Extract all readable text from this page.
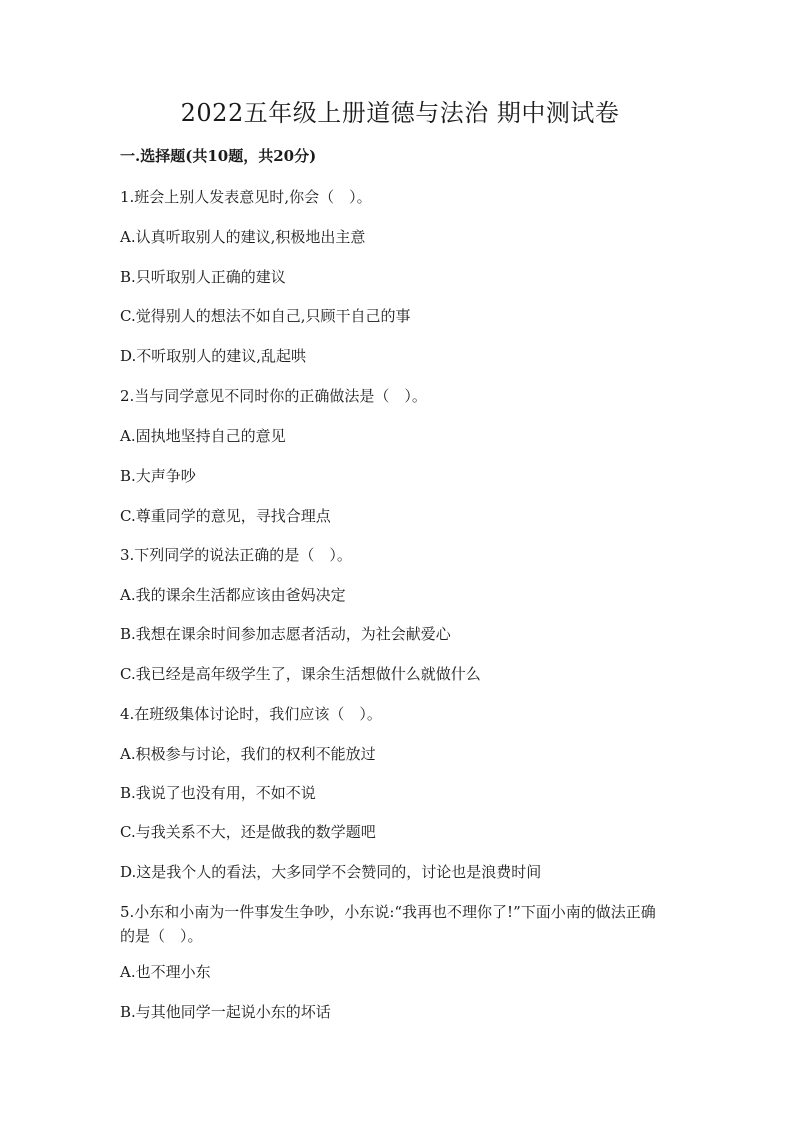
2022五年级上册道德与法治 期中测试卷
一.选择题(共10题，共20分)
1.班会上别人发表意见时,你会（　）。
A.认真听取别人的建议,积极地出主意
B.只听取别人正确的建议
C.觉得别人的想法不如自己,只顾干自己的事
D.不听取别人的建议,乱起哄
2.当与同学意见不同时你的正确做法是（　）。
A.固执地坚持自己的意见
B.大声争吵
C.尊重同学的意见，寻找合理点
3.下列同学的说法正确的是（　）。
A.我的课余生活都应该由爸妈决定
B.我想在课余时间参加志愿者活动，为社会献爱心
C.我已经是高年级学生了，课余生活想做什么就做什么
4.在班级集体讨论时，我们应该（　）。
A.积极参与讨论，我们的权利不能放过
B.我说了也没有用，不如不说
C.与我关系不大，还是做我的数学题吧
D.这是我个人的看法，大多同学不会赞同的，讨论也是浪费时间
5.小东和小南为一件事发生争吵，小东说:“我再也不理你了!”下面小南的做法正确的是（　）。
A.也不理小东
B.与其他同学一起说小东的坏话
